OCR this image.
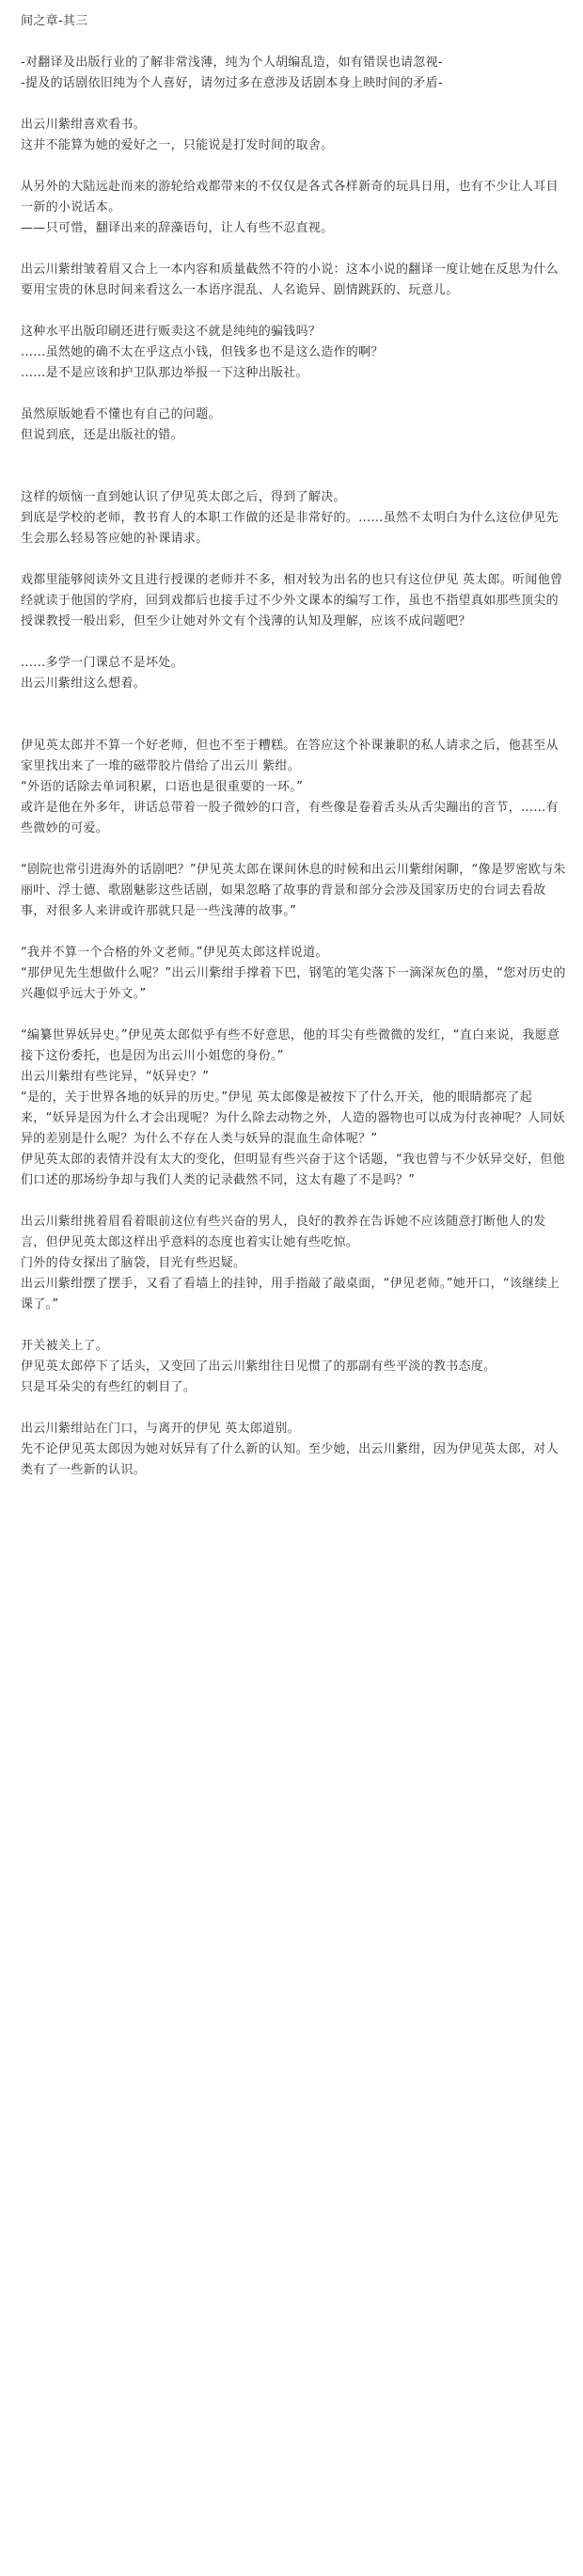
间之章-其三
-对翻译及出版行业的了解非常浅薄，纯为个人胡编乱造，如有错误也请忽视-
-提及的话剧依旧纯为个人喜好，请勿过多在意涉及话剧本身上映时间的矛盾-
出云川紫绀喜欢看书。
这并不能算为她的爱好之一，只能说是打发时间的取舍。
从另外的大陆远赴而来的游轮给戏都带来的不仅仅是各式各样新奇的玩具日用，也有不少让人耳目一新的小说话本。
——只可惜，翻译出来的辞藻语句，让人有些不忍直视。
出云川紫绀皱着眉又合上一本内容和质量截然不符的小说：这本小说的翻译一度让她在反思为什么要用宝贵的休息时间来看这么一本语序混乱、人名诡异、剧情跳跃的、玩意儿。
这种水平出版印刷还进行贩卖这不就是纯纯的骗钱吗？
……虽然她的确不太在乎这点小钱，但钱多也不是这么造作的啊？
……是不是应该和护卫队那边举报一下这种出版社。
虽然原版她看不懂也有自己的问题。
但说到底，还是出版社的错。
这样的烦恼一直到她认识了伊见英太郎之后，得到了解决。
到底是学校的老师，教书育人的本职工作做的还是非常好的。……虽然不太明白为什么这位伊见先生会那么轻易答应她的补课请求。
戏都里能够阅读外文且进行授课的老师并不多，相对较为出名的也只有这位伊见 英太郎。听闻他曾经就读于他国的学府，回到戏都后也接手过不少外文课本的编写工作，虽也不指望真如那些顶尖的授课教授一般出彩，但至少让她对外文有个浅薄的认知及理解，应该不成问题吧？
……多学一门课总不是坏处。
出云川紫绀这么想着。
伊见英太郎并不算一个好老师，但也不至于糟糕。在答应这个补课兼职的私人请求之后，他甚至从家里找出来了一堆的磁带胶片借给了出云川 紫绀。
“外语的话除去单词积累，口语也是很重要的一环。”
或许是他在外多年，讲话总带着一股子微妙的口音，有些像是卷着舌头从舌尖蹦出的音节，……有些微妙的可爱。
“剧院也常引进海外的话剧吧？”伊见英太郎在课间休息的时候和出云川紫绀闲聊，“像是罗密欧与朱丽叶、浮士德、歌剧魅影这些话剧，如果忽略了故事的背景和部分会涉及国家历史的台词去看故事，对很多人来讲或许那就只是一些浅薄的故事。”
“我并不算一个合格的外文老师。”伊见英太郎这样说道。
“那伊见先生想做什么呢？”出云川紫绀手撑着下巴，钢笔的笔尖落下一滴深灰色的墨，“您对历史的兴趣似乎远大于外文。”
“编纂世界妖异史。”伊见英太郎似乎有些不好意思，他的耳尖有些微微的发红，“直白来说，我愿意接下这份委托，也是因为出云川小姐您的身份。”
出云川紫绀有些诧异，“妖异史？”
“是的，关于世界各地的妖异的历史。”伊见 英太郎像是被按下了什么开关，他的眼睛都亮了起来，“妖异是因为什么才会出现呢？为什么除去动物之外，人造的器物也可以成为付丧神呢？人同妖异的差别是什么呢？为什么不存在人类与妖异的混血生命体呢？”
伊见英太郎的表情并没有太大的变化，但明显有些兴奋于这个话题，“我也曾与不少妖异交好，但他们口述的那场纷争却与我们人类的记录截然不同，这太有趣了不是吗？”
出云川紫绀挑着眉看着眼前这位有些兴奋的男人，良好的教养在告诉她不应该随意打断他人的发言，但伊见英太郎这样出乎意料的态度也着实让她有些吃惊。
门外的侍女探出了脑袋，目光有些迟疑。
出云川紫绀摆了摆手，又看了看墙上的挂钟，用手指敲了敲桌面，“伊见老师。”她开口，“该继续上课了。”
开关被关上了。
伊见英太郎停下了话头，又变回了出云川紫绀往日见惯了的那副有些平淡的教书态度。
只是耳朵尖的有些红的刺目了。
出云川紫绀站在门口，与离开的伊见 英太郎道别。
先不论伊见英太郎因为她对妖异有了什么新的认知。至少她，出云川紫绀，因为伊见英太郎，对人类有了一些新的认识。
